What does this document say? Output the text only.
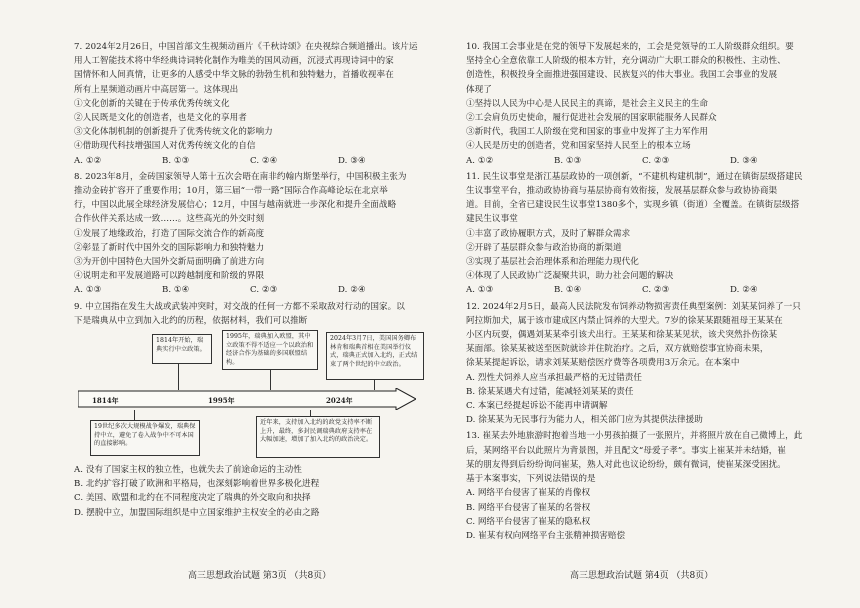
7. 2024年2月26日，中国首部文生视频动画片《千秋诗颂》在央视综合频道播出。该片运
用人工智能技术将中华经典诗词转化制作为唯美的国风动画，沉浸式再现诗词中的家
国情怀和人间真情，让更多的人感受中华文脉的勃勃生机和独特魅力，首播收视率在
所有上星频道动画片中高居第一。这体现出
①文化创新的关键在于传承优秀传统文化
②人民既是文化的创造者，也是文化的享用者
③文化体制机制的创新提升了优秀传统文化的影响力
④借助现代科技增强国人对优秀传统文化的自信
A. ①②	B. ①③	C. ②④	D. ③④
8. 2023年8月，金砖国家领导人第十五次会晤在南非约翰内斯堡举行，中国积极主张为
推动金砖扩容开了重要作用；10月，第三届“一带一路”国际合作高峰论坛在北京举
行，中国以此展全球经济发展信心；12月，中国与越南就进一步深化和提升全面战略
合作伙伴关系达成一致……。这些高光的外交时刻
①发展了地缘政治，打造了国际交流合作的新高度
②彰显了新时代中国外交的国际影响力和独特魅力
③为开创中国特色大国外交新局面明确了前进方向
④说明走和平发展道路可以跨越制度和阶级的界限
A. ①③	B. ①④	C. ②③	D. ②④
9. 中立国指在发生大战或武装冲突时，对交战的任何一方都不采取敌对行动的国家。以
下是瑞典从中立到加入北约的历程，依据材料，我们可以推断
1814年开始，瑞典实行中立政策。
1995年，瑞典加入欧盟，其中立政策不得不适应一个以政治和经济合作为基础的多国联盟结构。
2024年3月7日，美国国务卿布林肯和瑞典首相在美国举行仪式，瑞典正式加入北约，正式结束了两个世纪的中立政治。
1814年	1995年	2024年
19世纪多次大规模战争爆发，瑞典保持中立，避免了卷入战争中不可本国的直接影响。
近年来，支持加入北约的政党支持率不断上升，最终，多封民调瑞典政府支持率在大幅加速，增加了加入北约的政治决定。
A. 没有了国家主权的独立性，也就失去了前途命运的主动性
B. 北约扩容打破了欧洲和平格局，也深刻影响着世界多极化进程
C. 美国、欧盟和北约在不同程度决定了瑞典的外交取向和抉择
D. 摆脱中立，加盟国际组织是中立国家维护主权安全的必由之路
高三思想政治试题 第3页 （共8页）
10. 我国工会事业是在党的领导下发展起来的，工会是党领导的工人阶级群众组织。要
坚持全心全意依靠工人阶级的根本方针，充分调动广大职工群众的积极性、主动性、
创造性，积极投身全面推进强国建设、民族复兴的伟大事业。我国工会事业的发展
体现了
①坚持以人民为中心是人民民主的真谛，是社会主义民主的生命
②工会肩负历史使命，履行促进社会发展的国家职能服务人民群众
③新时代，我国工人阶级在党和国家的事业中发挥了主力军作用
④人民是历史的创造者，党和国家坚持人民至上的根本立场
A. ①②	B. ①③	C. ②③	D. ③④
11. 民生议事堂是浙江基层政协的一项创新，“不建机构建机制”，通过在镇街层级搭建民
生议事堂平台，推动政协协商与基层协商有效衔接，发展基层群众参与政协协商渠
道。目前，全省已建设民生议事堂1380多个，实现乡镇（街道）全覆盖。在镇街层级搭
建民生议事堂
①丰富了政协履职方式，及时了解群众需求
②开辟了基层群众参与政治协商的新渠道
③实现了基层社会治理体系和治理能力现代化
④体现了人民政协广泛凝聚共识，助力社会问题的解决
A. ①③	B. ①④	C. ②③	D. ②④
12. 2024年2月5日，最高人民法院发布饲养动物损害责任典型案例：刘某某饲养了一只
阿拉斯加犬，属于该市建成区内禁止饲养的大型犬。7岁的徐某某跟随祖母王某某在
小区内玩耍，偶遇刘某某牵引该犬出行。王某某和徐某某见状，该犬突然扑伤徐某
某面部。徐某某被送至医院就诊并住院治疗。之后，双方就赔偿事宜协商未果，
徐某某提起诉讼，请求刘某某赔偿医疗费等各项费用3万余元。在本案中
A. 烈性犬饲养人应当承担最严格的无过错责任
B. 徐某某遇犬有过错，能减轻刘某某的责任
C. 本案已经提起诉讼不能再申请调解
D. 徐某某为无民事行为能力人，相关部门应为其提供法律援助
13. 崔某去外地旅游时抱着当地一小男孩拍摄了一张照片，并将照片放在自己微博上，此
后，某网络平台以此照片为背景图，并且配文“母爱子孝”。事实上崔某并未结婚，崔
某的朋友得到后纷纷询问崔某，熟人对此也议论纷纷，颇有微词，使崔某深受困扰。
基于本案事实，下列说法错误的是
A. 网络平台侵害了崔某的肖像权
B. 网络平台侵害了崔某的名誉权
C. 网络平台侵害了崔某的隐私权
D. 崔某有权向网络平台主张精神损害赔偿
高三思想政治试题 第4页 （共8页）
